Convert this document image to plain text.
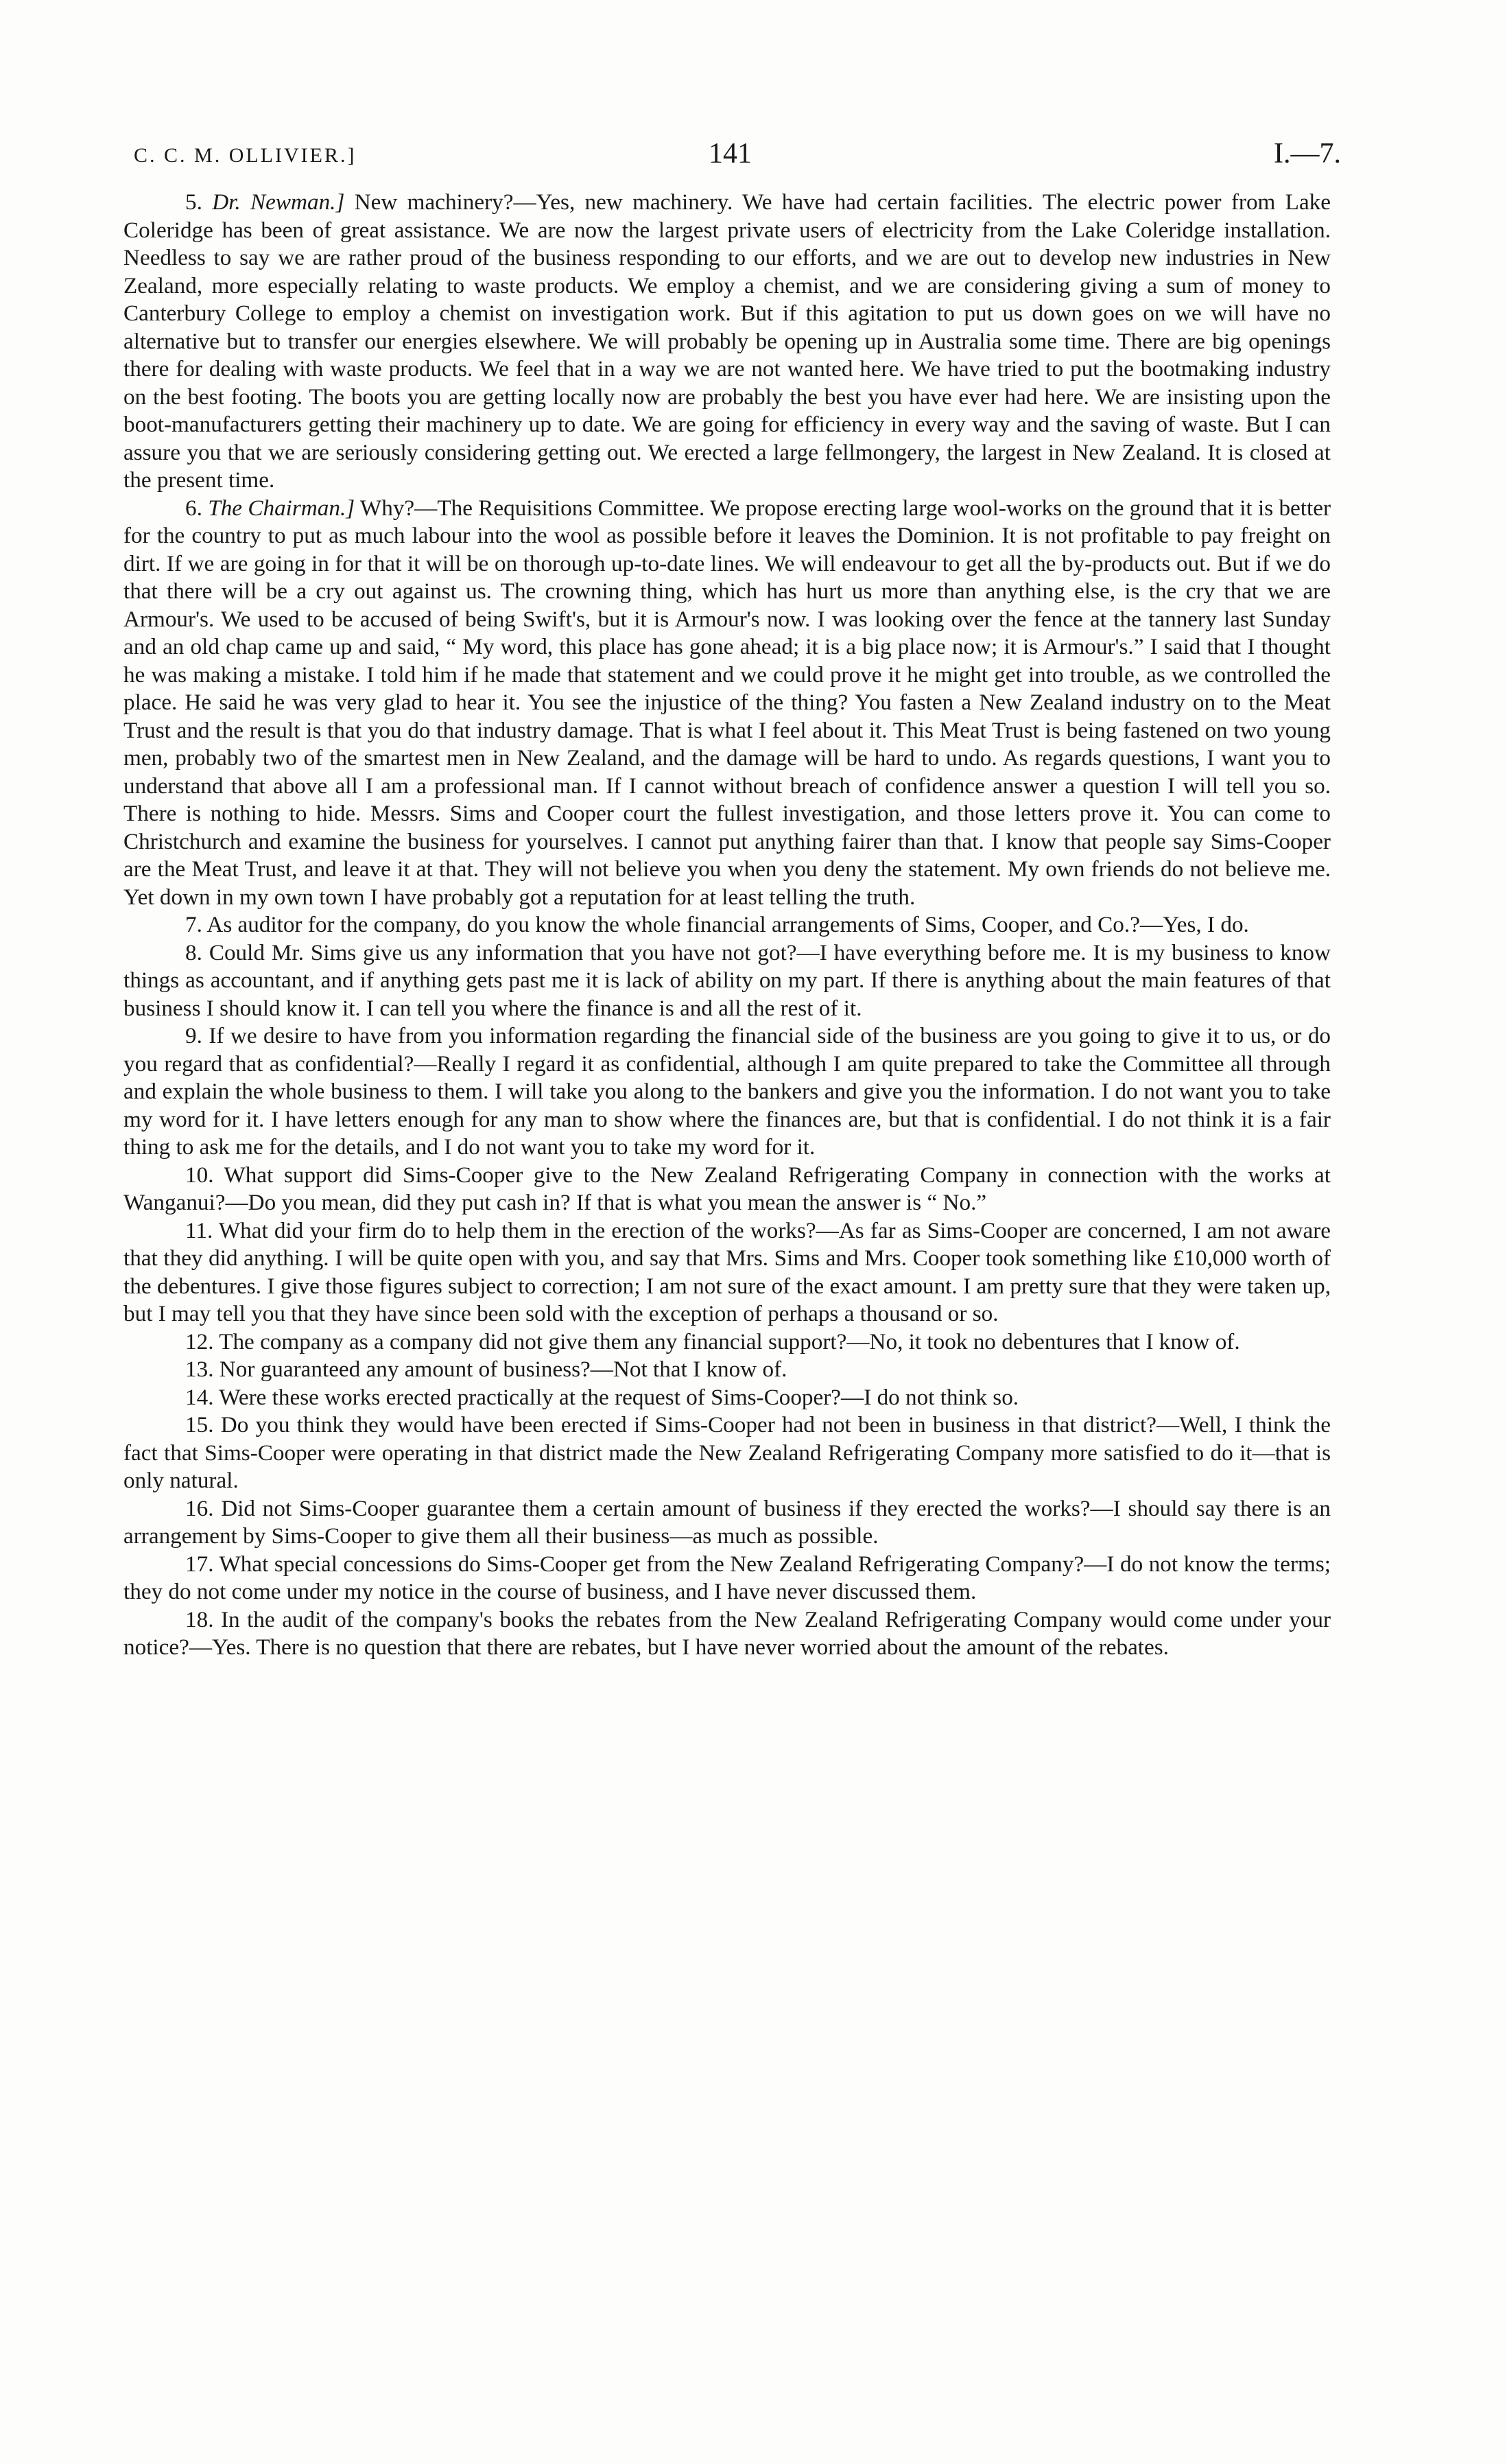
C. C. M. OLLIVIER.]	141	I.—7.

5. Dr. Newman.] New machinery?—Yes, new machinery. We have had certain facilities. The electric power from Lake Coleridge has been of great assistance. We are now the largest private users of electricity from the Lake Coleridge installation. Needless to say we are rather proud of the business responding to our efforts, and we are out to develop new industries in New Zealand, more especially relating to waste products. We employ a chemist, and we are considering giving a sum of money to Canterbury College to employ a chemist on investigation work. But if this agitation to put us down goes on we will have no alternative but to transfer our energies elsewhere. We will probably be opening up in Australia some time. There are big openings there for dealing with waste products. We feel that in a way we are not wanted here. We have tried to put the bootmaking industry on the best footing. The boots you are getting locally now are probably the best you have ever had here. We are insisting upon the boot-manufacturers getting their machinery up to date. We are going for efficiency in every way and the saving of waste. But I can assure you that we are seriously considering getting out. We erected a large fellmongery, the largest in New Zealand. It is closed at the present time.

6. The Chairman.] Why?—The Requisitions Committee. We propose erecting large wool-works on the ground that it is better for the country to put as much labour into the wool as possible before it leaves the Dominion. It is not profitable to pay freight on dirt. If we are going in for that it will be on thorough up-to-date lines. We will endeavour to get all the by-products out. But if we do that there will be a cry out against us. The crowning thing, which has hurt us more than anything else, is the cry that we are Armour's. We used to be accused of being Swift's, but it is Armour's now. I was looking over the fence at the tannery last Sunday and an old chap came up and said, “ My word, this place has gone ahead; it is a big place now; it is Armour's.” I said that I thought he was making a mistake. I told him if he made that statement and we could prove it he might get into trouble, as we controlled the place. He said he was very glad to hear it. You see the injustice of the thing? You fasten a New Zealand industry on to the Meat Trust and the result is that you do that industry damage. That is what I feel about it. This Meat Trust is being fastened on two young men, probably two of the smartest men in New Zealand, and the damage will be hard to undo. As regards questions, I want you to understand that above all I am a professional man. If I cannot without breach of confidence answer a question I will tell you so. There is nothing to hide. Messrs. Sims and Cooper court the fullest investigation, and those letters prove it. You can come to Christchurch and examine the business for yourselves. I cannot put anything fairer than that. I know that people say Sims-Cooper are the Meat Trust, and leave it at that. They will not believe you when you deny the statement. My own friends do not believe me. Yet down in my own town I have probably got a reputation for at least telling the truth.

7. As auditor for the company, do you know the whole financial arrangements of Sims, Cooper, and Co.?—Yes, I do.

8. Could Mr. Sims give us any information that you have not got?—I have everything before me. It is my business to know things as accountant, and if anything gets past me it is lack of ability on my part. If there is anything about the main features of that business I should know it. I can tell you where the finance is and all the rest of it.

9. If we desire to have from you information regarding the financial side of the business are you going to give it to us, or do you regard that as confidential?—Really I regard it as confidential, although I am quite prepared to take the Committee all through and explain the whole business to them. I will take you along to the bankers and give you the information. I do not want you to take my word for it. I have letters enough for any man to show where the finances are, but that is confidential. I do not think it is a fair thing to ask me for the details, and I do not want you to take my word for it.

10. What support did Sims-Cooper give to the New Zealand Refrigerating Company in connection with the works at Wanganui?—Do you mean, did they put cash in? If that is what you mean the answer is “ No.”

11. What did your firm do to help them in the erection of the works?—As far as Sims-Cooper are concerned, I am not aware that they did anything. I will be quite open with you, and say that Mrs. Sims and Mrs. Cooper took something like £10,000 worth of the debentures. I give those figures subject to correction; I am not sure of the exact amount. I am pretty sure that they were taken up, but I may tell you that they have since been sold with the exception of perhaps a thousand or so.

12. The company as a company did not give them any financial support?—No, it took no debentures that I know of.

13. Nor guaranteed any amount of business?—Not that I know of.

14. Were these works erected practically at the request of Sims-Cooper?—I do not think so.

15. Do you think they would have been erected if Sims-Cooper had not been in business in that district?—Well, I think the fact that Sims-Cooper were operating in that district made the New Zealand Refrigerating Company more satisfied to do it—that is only natural.

16. Did not Sims-Cooper guarantee them a certain amount of business if they erected the works?—I should say there is an arrangement by Sims-Cooper to give them all their business—as much as possible.

17. What special concessions do Sims-Cooper get from the New Zealand Refrigerating Company?—I do not know the terms; they do not come under my notice in the course of business, and I have never discussed them.

18. In the audit of the company's books the rebates from the New Zealand Refrigerating Company would come under your notice?—Yes. There is no question that there are rebates, but I have never worried about the amount of the rebates.
